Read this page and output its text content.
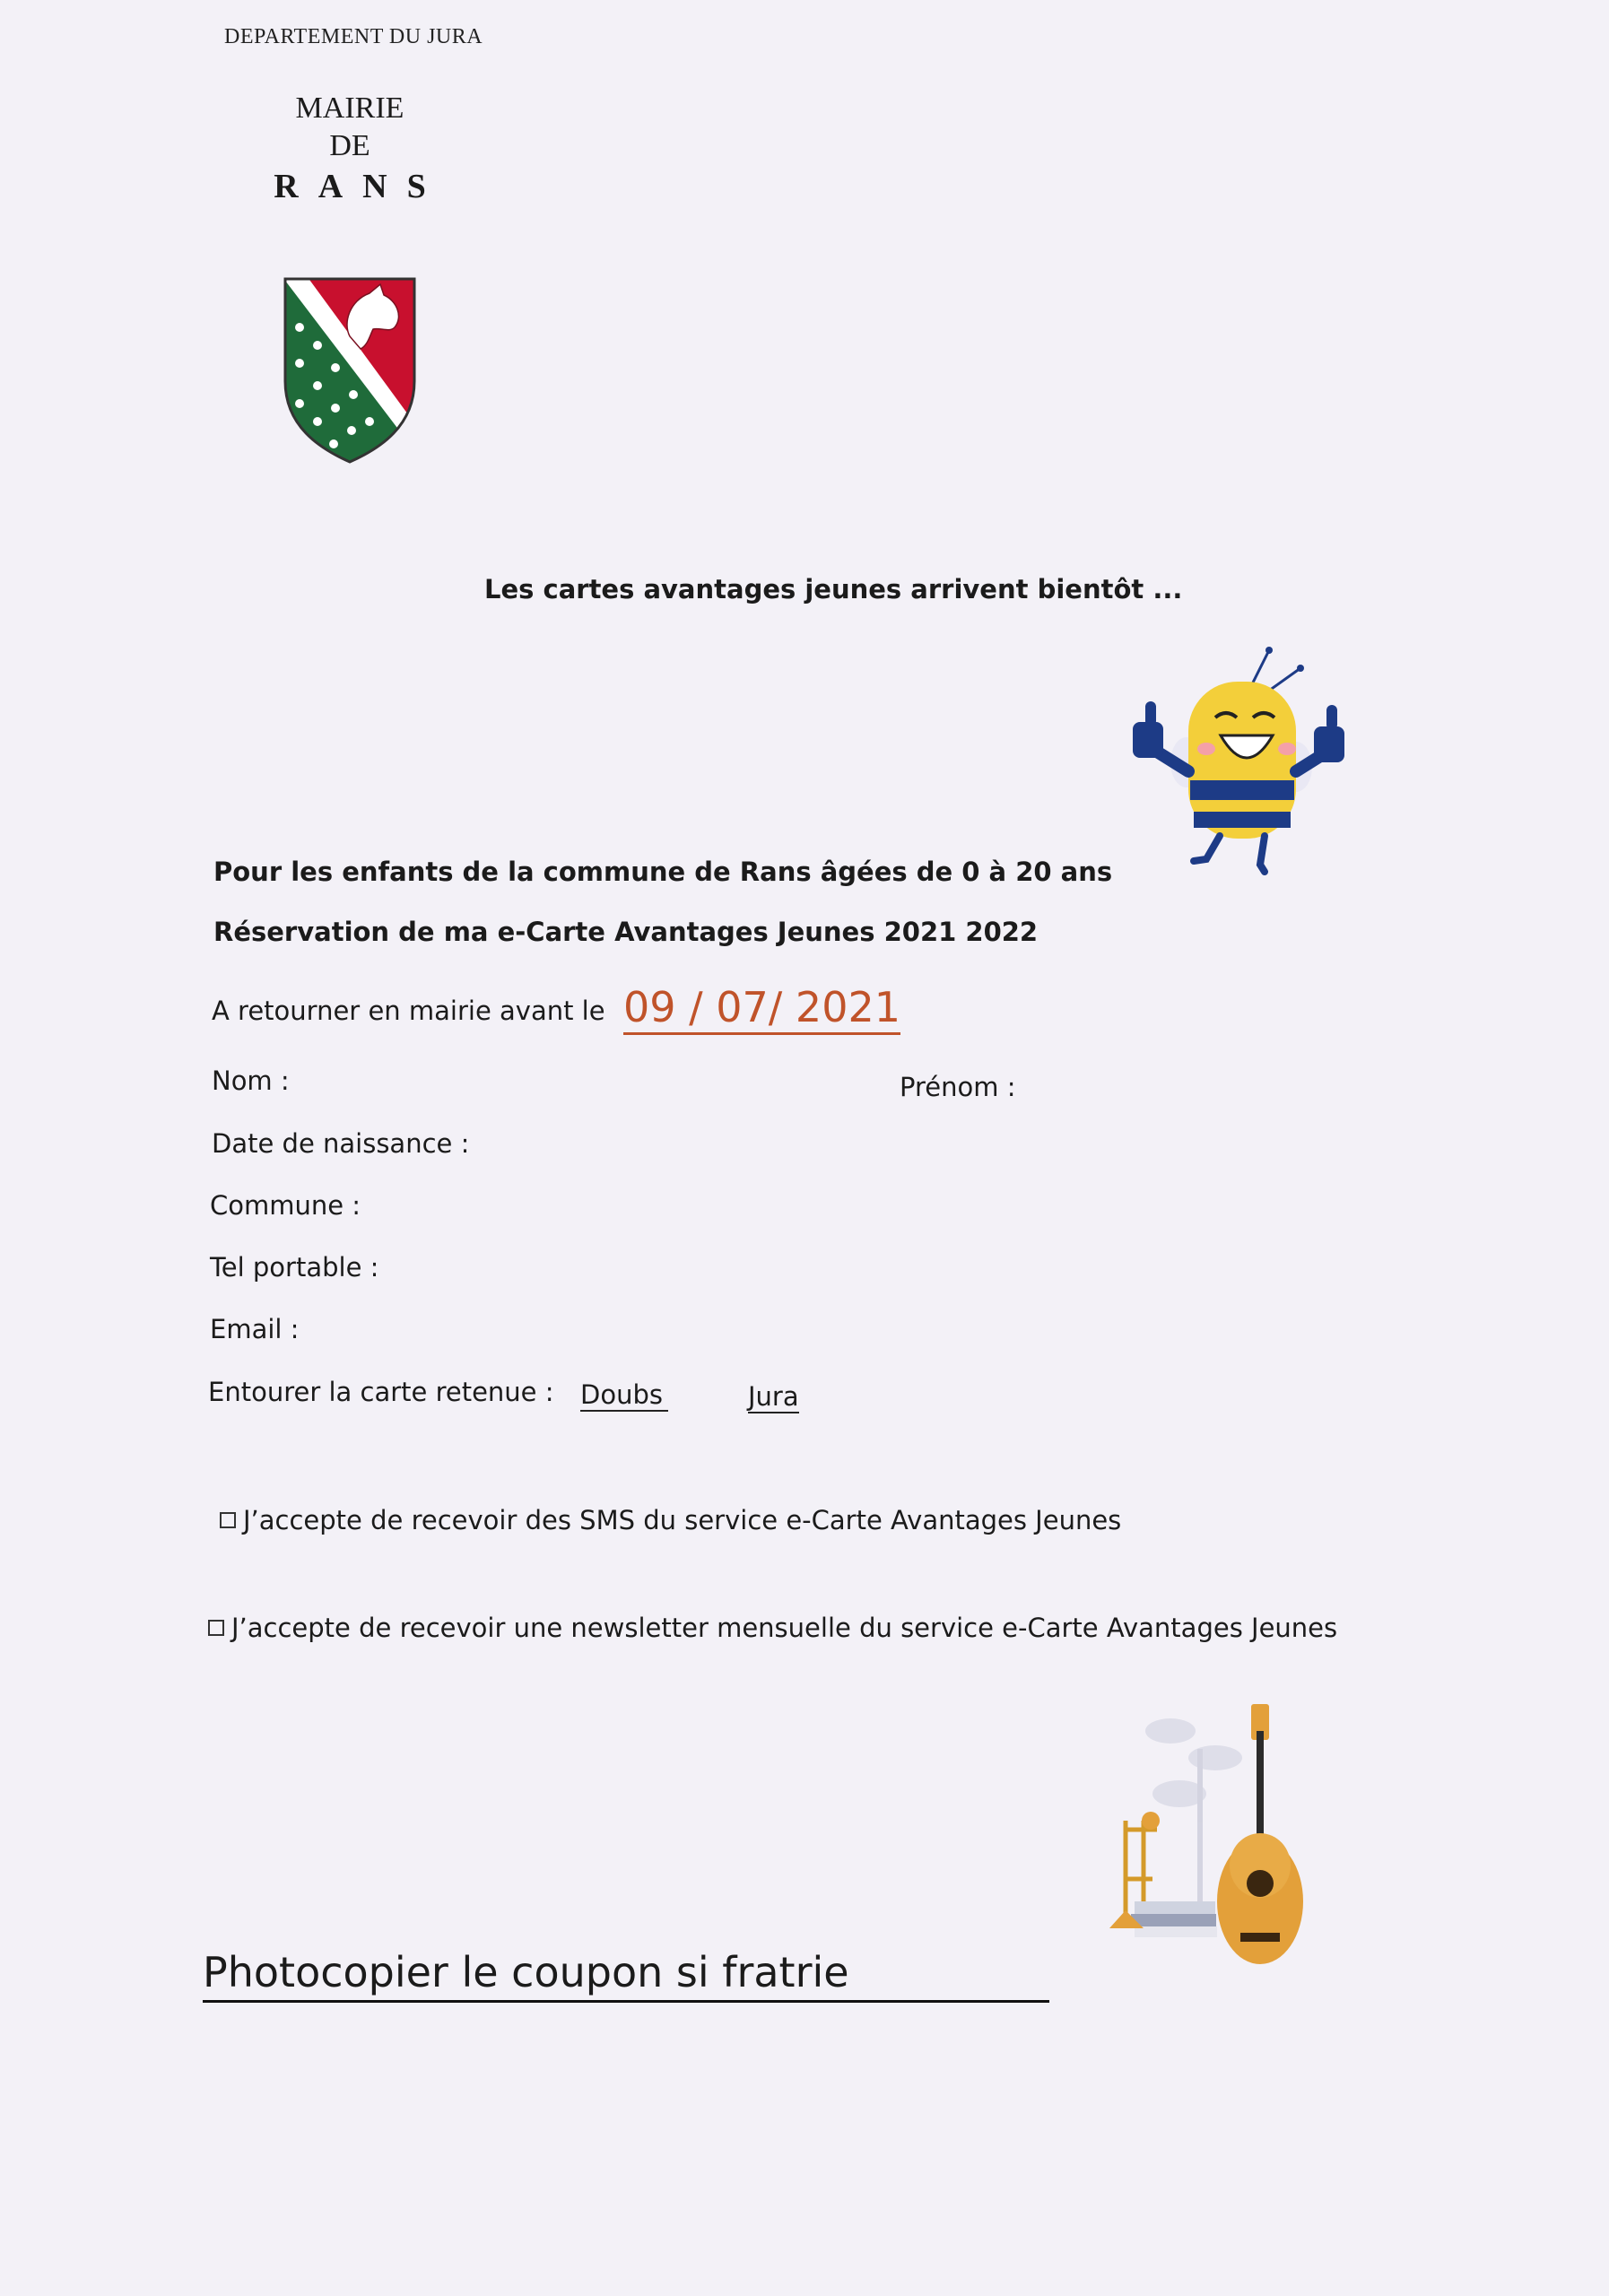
DEPARTEMENT DU JURA
MAIRIE
DE
RANS
Les cartes avantages jeunes arrivent bientôt ...
Pour les enfants de la commune de Rans âgées de 0 à 20 ans
Réservation de ma e-Carte Avantages Jeunes 2021 2022
A retourner en mairie avant le 09 / 07/ 2021
Nom :	Prénom :
Date de naissance :
Commune :
Tel portable :
Email :
Entourer la carte retenue : Doubs	Jura
J’accepte de recevoir des SMS du service e-Carte Avantages Jeunes
J’accepte de recevoir une newsletter mensuelle du service e-Carte Avantages Jeunes
Photocopier le coupon si fratrie
